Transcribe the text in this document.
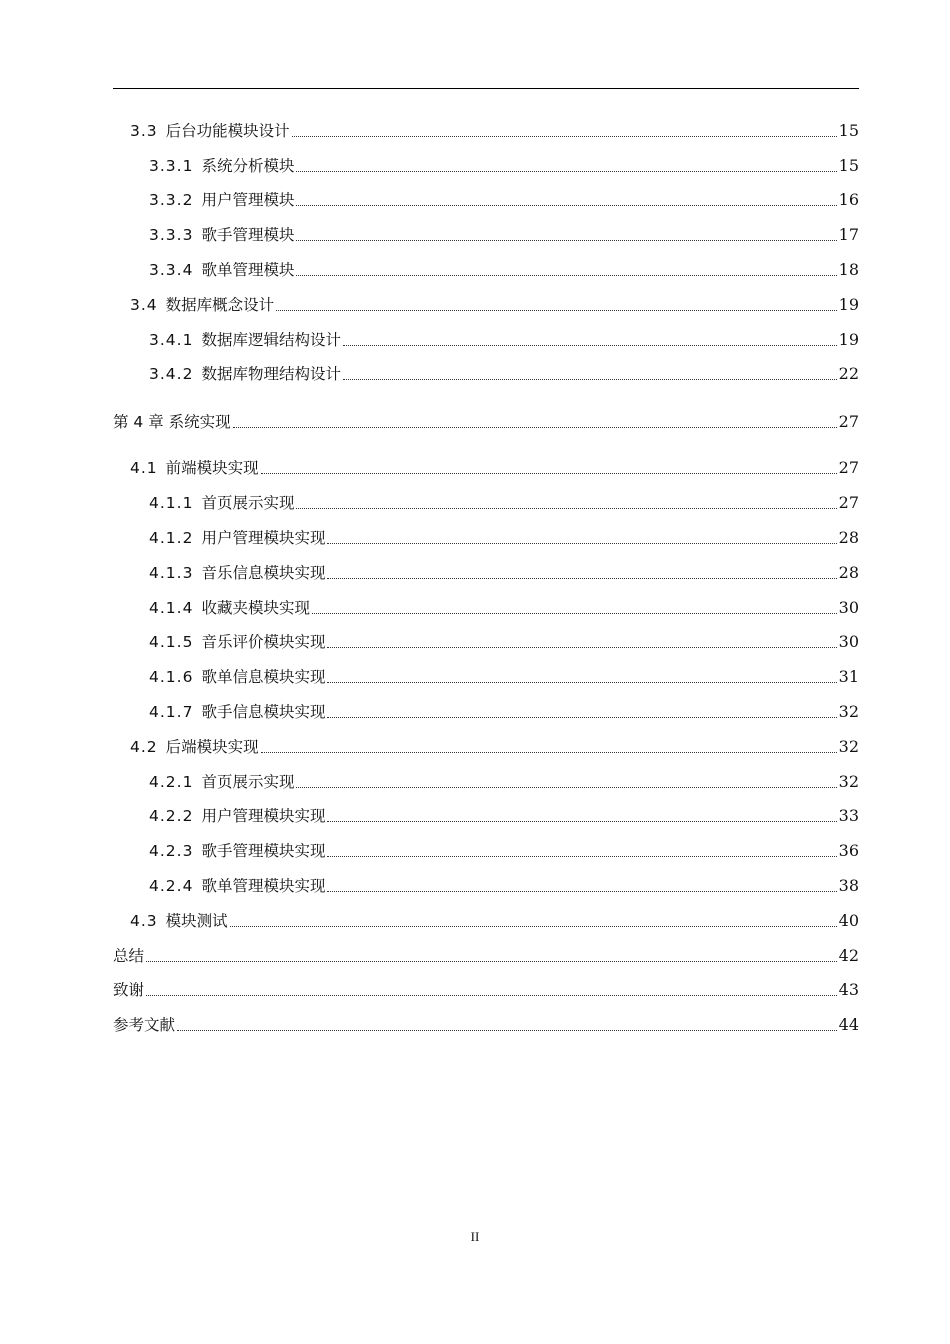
3.3 后台功能模块设计	15
3.3.1 系统分析模块	15
3.3.2 用户管理模块	16
3.3.3 歌手管理模块	17
3.3.4 歌单管理模块	18
3.4 数据库概念设计	19
3.4.1 数据库逻辑结构设计	19
3.4.2 数据库物理结构设计	22
第 4 章 系统实现	27
4.1 前端模块实现	27
4.1.1 首页展示实现	27
4.1.2 用户管理模块实现	28
4.1.3 音乐信息模块实现	28
4.1.4 收藏夹模块实现	30
4.1.5 音乐评价模块实现	30
4.1.6 歌单信息模块实现	31
4.1.7 歌手信息模块实现	32
4.2 后端模块实现	32
4.2.1 首页展示实现	32
4.2.2 用户管理模块实现	33
4.2.3 歌手管理模块实现	36
4.2.4 歌单管理模块实现	38
4.3 模块测试	40
总结	42
致谢	43
参考文献	44
II
